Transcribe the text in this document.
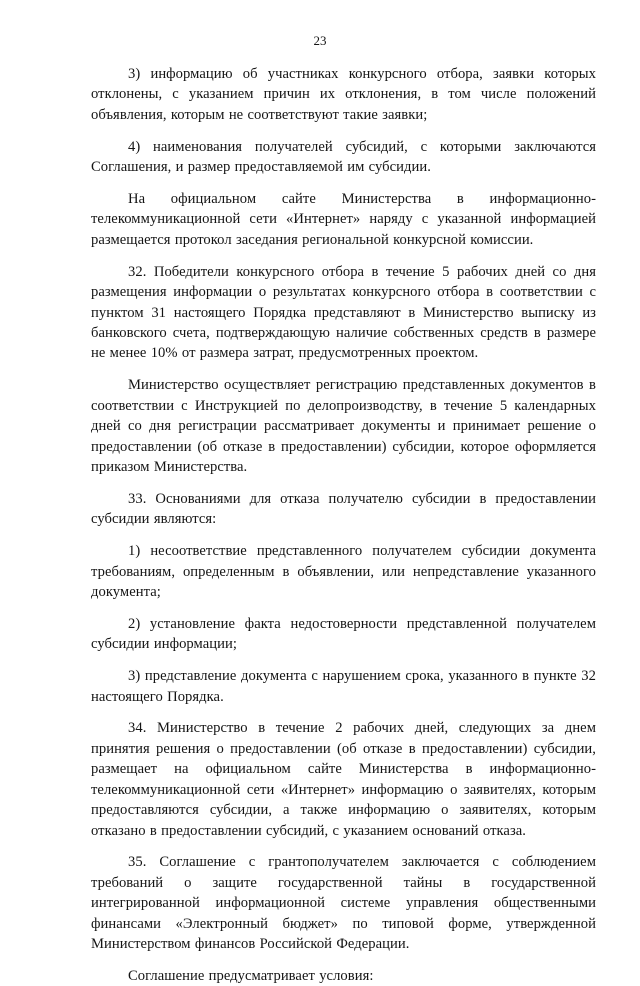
23

3) информацию об участниках конкурсного отбора, заявки которых отклонены, с указанием причин их отклонения, в том числе положений объявления, которым не соответствуют такие заявки;

4) наименования получателей субсидий, с которыми заключаются Соглашения, и размер предоставляемой им субсидии.

На официальном сайте Министерства в информационно-телекоммуникационной сети «Интернет» наряду с указанной информацией размещается протокол заседания региональной конкурсной комиссии.

32. Победители конкурсного отбора в течение 5 рабочих дней со дня размещения информации о результатах конкурсного отбора в соответствии с пунктом 31 настоящего Порядка представляют в Министерство выписку из банковского счета, подтверждающую наличие собственных средств в размере не менее 10% от размера затрат, предусмотренных проектом.

Министерство осуществляет регистрацию представленных документов в соответствии с Инструкцией по делопроизводству, в течение 5 календарных дней со дня регистрации рассматривает документы и принимает решение о предоставлении (об отказе в предоставлении) субсидии, которое оформляется приказом Министерства.

33. Основаниями для отказа получателю субсидии в предоставлении субсидии являются:

1) несоответствие представленного получателем субсидии документа требованиям, определенным в объявлении, или непредставление указанного документа;

2) установление факта недостоверности представленной получателем субсидии информации;

3) представление документа с нарушением срока, указанного в пункте 32 настоящего Порядка.

34. Министерство в течение 2 рабочих дней, следующих за днем принятия решения о предоставлении (об отказе в предоставлении) субсидии, размещает на официальном сайте Министерства в информационно-телекоммуникационной сети «Интернет» информацию о заявителях, которым предоставляются субсидии, а также информацию о заявителях, которым отказано в предоставлении субсидий, с указанием оснований отказа.

35. Соглашение с грантополучателем заключается с соблюдением требований о защите государственной тайны в государственной интегрированной информационной системе управления общественными финансами «Электронный бюджет» по типовой форме, утвержденной Министерством финансов Российской Федерации.

Соглашение предусматривает условия:
